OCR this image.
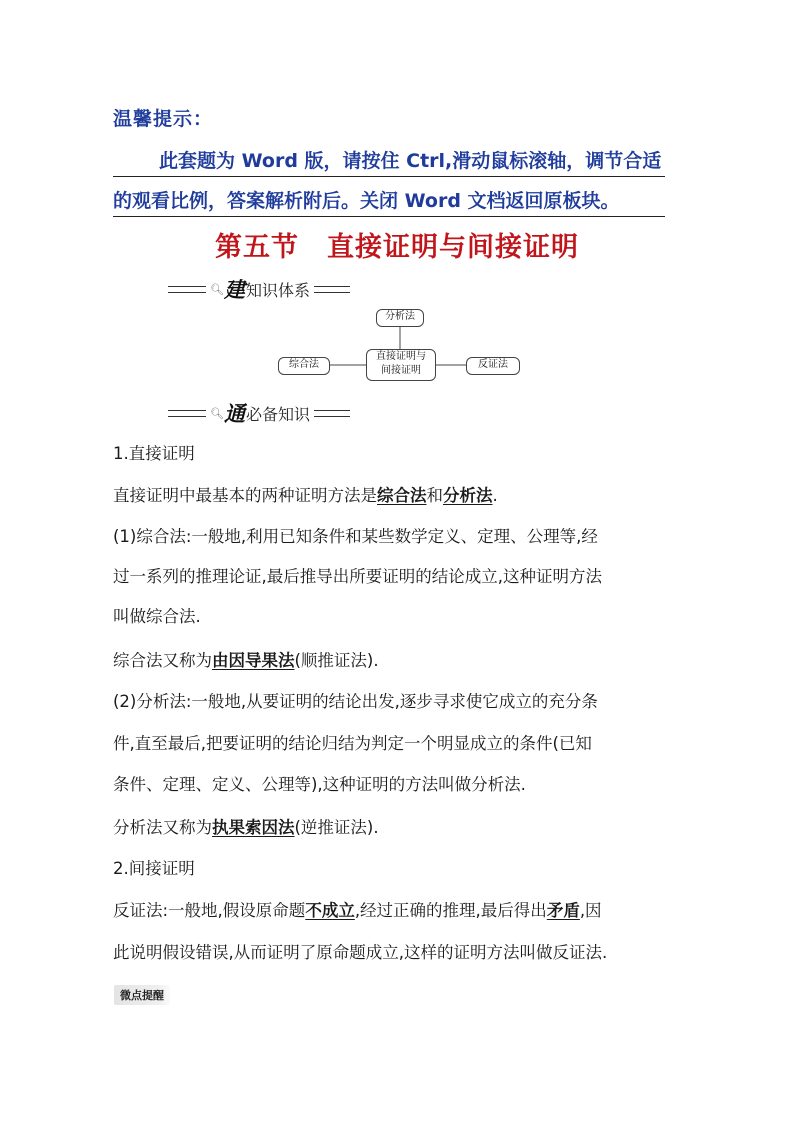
温馨提示：
此套题为 Word 版，请按住 Ctrl,滑动鼠标滚轴，调节合适
的观看比例，答案解析附后。关闭 Word 文档返回原板块。
第五节　直接证明与间接证明
🔍︎ 建 知识体系
分析法
综合法
直接证明与
间接证明
反证法
🔍︎ 通 必备知识
1.直接证明
直接证明中最基本的两种证明方法是综合法和分析法.
(1)综合法:一般地,利用已知条件和某些数学定义、定理、公理等,经
过一系列的推理论证,最后推导出所要证明的结论成立,这种证明方法
叫做综合法.
综合法又称为由因导果法(顺推证法).
(2)分析法:一般地,从要证明的结论出发,逐步寻求使它成立的充分条
件,直至最后,把要证明的结论归结为判定一个明显成立的条件(已知
条件、定理、定义、公理等),这种证明的方法叫做分析法.
分析法又称为执果索因法(逆推证法).
2.间接证明
反证法:一般地,假设原命题不成立,经过正确的推理,最后得出矛盾,因
此说明假设错误,从而证明了原命题成立,这样的证明方法叫做反证法.
微点提醒
